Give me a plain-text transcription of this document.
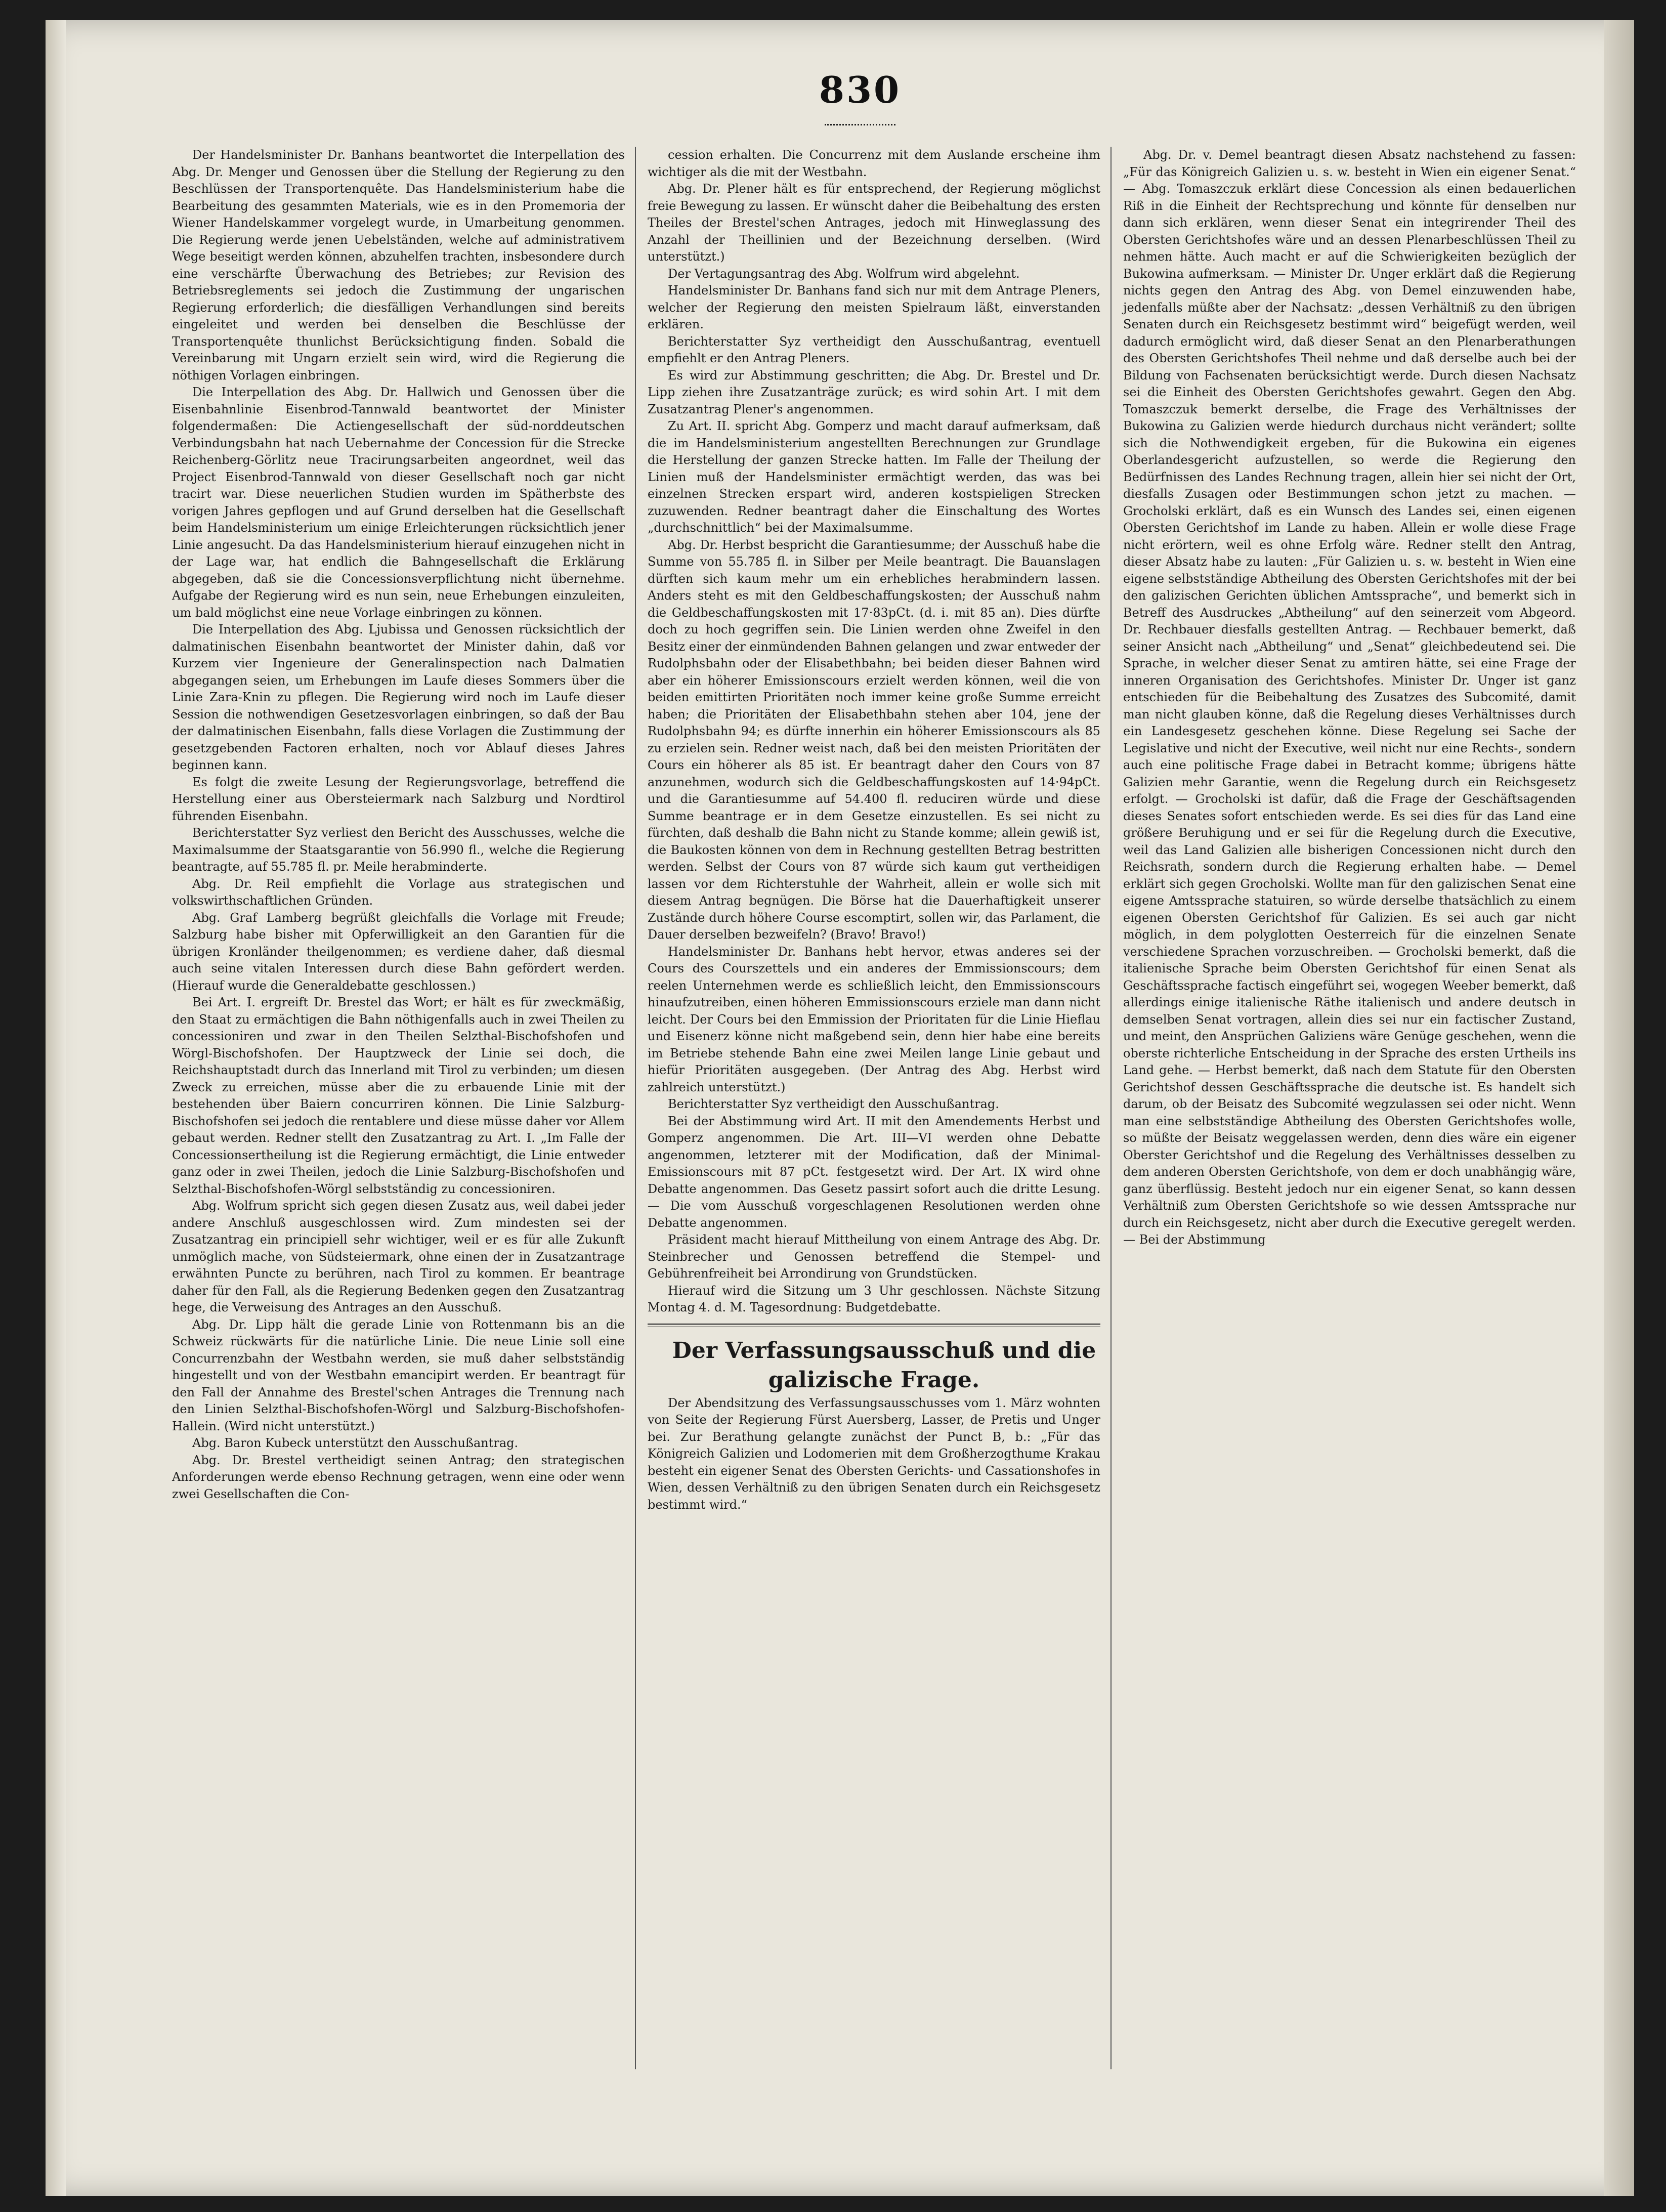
830

Der Handelsminister Dr. Banhans beantwortet die Interpellation des Abg. Dr. Menger und Genossen über die Stellung der Regierung zu den Beschlüssen der Transportenquête. Das Handelsministerium habe die Bearbeitung des gesammten Materials, wie es in den Promemoria der Wiener Handelskammer vorgelegt wurde, in Umarbeitung genommen. Die Regierung werde jenen Uebelständen, welche auf administrativem Wege beseitigt werden können, abzuhelfen trachten, insbesondere durch eine verschärfte Überwachung des Betriebes; zur Revision des Betriebsreglements sei jedoch die Zustimmung der ungarischen Regierung erforderlich; die diesfälligen Verhandlungen sind bereits eingeleitet und werden bei denselben die Beschlüsse der Transportenquête thunlichst Berücksichtigung finden. Sobald die Vereinbarung mit Ungarn erzielt sein wird, wird die Regierung die nöthigen Vorlagen einbringen.

Die Interpellation des Abg. Dr. Hallwich und Genossen über die Eisenbahnlinie Eisenbrod-Tannwald beantwortet der Minister folgendermaßen: Die Actiengesellschaft der süd-norddeutschen Verbindungsbahn hat nach Uebernahme der Concession für die Strecke Reichenberg-Görlitz neue Tracirungsarbeiten angeordnet, weil das Project Eisenbrod-Tannwald von dieser Gesellschaft noch gar nicht tracirt war. Diese neuerlichen Studien wurden im Spätherbste des vorigen Jahres gepflogen und auf Grund derselben hat die Gesellschaft beim Handelsministerium um einige Erleichterungen rücksichtlich jener Linie angesucht. Da das Handelsministerium hierauf einzugehen nicht in der Lage war, hat endlich die Bahngesellschaft die Erklärung abgegeben, daß sie die Concessionsverpflichtung nicht übernehme. Aufgabe der Regierung wird es nun sein, neue Erhebungen einzuleiten, um bald möglichst eine neue Vorlage einbringen zu können.

Die Interpellation des Abg. Ljubissa und Genossen rücksichtlich der dalmatinischen Eisenbahn beantwortet der Minister dahin, daß vor Kurzem vier Ingenieure der Generalinspection nach Dalmatien abgegangen seien, um Erhebungen im Laufe dieses Sommers über die Linie Zara-Knin zu pflegen. Die Regierung wird noch im Laufe dieser Session die nothwendigen Gesetzesvorlagen einbringen, so daß der Bau der dalmatinischen Eisenbahn, falls diese Vorlagen die Zustimmung der gesetzgebenden Factoren erhalten, noch vor Ablauf dieses Jahres beginnen kann.

Es folgt die zweite Lesung der Regierungsvorlage, betreffend die Herstellung einer aus Obersteiermark nach Salzburg und Nordtirol führenden Eisenbahn.

Berichterstatter Syz verliest den Bericht des Ausschusses, welche die Maximalsumme der Staatsgarantie von 56.990 fl., welche die Regierung beantragte, auf 55.785 fl. pr. Meile herabminderte.

Abg. Dr. Reil empfiehlt die Vorlage aus strategischen und volkswirthschaftlichen Gründen.

Abg. Graf Lamberg begrüßt gleichfalls die Vorlage mit Freude; Salzburg habe bisher mit Opferwilligkeit an den Garantien für die übrigen Kronländer theilgenommen; es verdiene daher, daß diesmal auch seine vitalen Interessen durch diese Bahn gefördert werden. (Hierauf wurde die Generaldebatte geschlossen.)

Bei Art. I. ergreift Dr. Brestel das Wort; er hält es für zweckmäßig, den Staat zu ermächtigen die Bahn nöthigenfalls auch in zwei Theilen zu concessioniren und zwar in den Theilen Selzthal-Bischofshofen und Wörgl-Bischofshofen. Der Hauptzweck der Linie sei doch, die Reichshauptstadt durch das Innerland mit Tirol zu verbinden; um diesen Zweck zu erreichen, müsse aber die zu erbauende Linie mit der bestehenden über Baiern concurriren können. Die Linie Salzburg-Bischofshofen sei jedoch die rentablere und diese müsse daher vor Allem gebaut werden. Redner stellt den Zusatzantrag zu Art. I. „Im Falle der Concessionsertheilung ist die Regierung ermächtigt, die Linie entweder ganz oder in zwei Theilen, jedoch die Linie Salzburg-Bischofshofen und Selzthal-Bischofshofen-Wörgl selbstständig zu concessioniren.

Abg. Wolfrum spricht sich gegen diesen Zusatz aus, weil dabei jeder andere Anschluß ausgeschlossen wird. Zum mindesten sei der Zusatzantrag ein principiell sehr wichtiger, weil er es für alle Zukunft unmöglich mache, von Südsteiermark, ohne einen der in Zusatzantrage erwähnten Puncte zu berühren, nach Tirol zu kommen. Er beantrage daher für den Fall, als die Regierung Bedenken gegen den Zusatzantrag hege, die Verweisung des Antrages an den Ausschuß.

Abg. Dr. Lipp hält die gerade Linie von Rottenmann bis an die Schweiz rückwärts für die natürliche Linie. Die neue Linie soll eine Concurrenzbahn der Westbahn werden, sie muß daher selbstständig hingestellt und von der Westbahn emancipirt werden. Er beantragt für den Fall der Annahme des Brestel'schen Antrages die Trennung nach den Linien Selzthal-Bischofshofen-Wörgl und Salzburg-Bischofshofen-Hallein. (Wird nicht unterstützt.)

Abg. Baron Kubeck unterstützt den Ausschußantrag.

Abg. Dr. Brestel vertheidigt seinen Antrag; den strategischen Anforderungen werde ebenso Rechnung getragen, wenn eine oder wenn zwei Gesellschaften die Con-

cession erhalten. Die Concurrenz mit dem Auslande erscheine ihm wichtiger als die mit der Westbahn.

Abg. Dr. Plener hält es für entsprechend, der Regierung möglichst freie Bewegung zu lassen. Er wünscht daher die Beibehaltung des ersten Theiles der Brestel'schen Antrages, jedoch mit Hinweglassung des Anzahl der Theillinien und der Bezeichnung derselben. (Wird unterstützt.)

Der Vertagungsantrag des Abg. Wolfrum wird abgelehnt.

Handelsminister Dr. Banhans fand sich nur mit dem Antrage Pleners, welcher der Regierung den meisten Spielraum läßt, einverstanden erklären.

Berichterstatter Syz vertheidigt den Ausschußantrag, eventuell empfiehlt er den Antrag Pleners.

Es wird zur Abstimmung geschritten; die Abg. Dr. Brestel und Dr. Lipp ziehen ihre Zusatzanträge zurück; es wird sohin Art. I mit dem Zusatzantrag Plener's angenommen.

Zu Art. II. spricht Abg. Gomperz und macht darauf aufmerksam, daß die im Handelsministerium angestellten Berechnungen zur Grundlage die Herstellung der ganzen Strecke hatten. Im Falle der Theilung der Linien muß der Handelsminister ermächtigt werden, das was bei einzelnen Strecken erspart wird, anderen kostspieligen Strecken zuzuwenden. Redner beantragt daher die Einschaltung des Wortes „durchschnittlich“ bei der Maximalsumme.

Abg. Dr. Herbst bespricht die Garantiesumme; der Ausschuß habe die Summe von 55.785 fl. in Silber per Meile beantragt. Die Bauanslagen dürften sich kaum mehr um ein erhebliches herabmindern lassen. Anders steht es mit den Geldbeschaffungskosten; der Ausschuß nahm die Geldbeschaffungskosten mit 17·83pCt. (d. i. mit 85 an). Dies dürfte doch zu hoch gegriffen sein. Die Linien werden ohne Zweifel in den Besitz einer der einmündenden Bahnen gelangen und zwar entweder der Rudolphsbahn oder der Elisabethbahn; bei beiden dieser Bahnen wird aber ein höherer Emissionscours erzielt werden können, weil die von beiden emittirten Prioritäten noch immer keine große Summe erreicht haben; die Prioritäten der Elisabethbahn stehen aber 104, jene der Rudolphsbahn 94; es dürfte innerhin ein höherer Emissionscours als 85 zu erzielen sein. Redner weist nach, daß bei den meisten Prioritäten der Cours ein höherer als 85 ist. Er beantragt daher den Cours von 87 anzunehmen, wodurch sich die Geldbeschaffungskosten auf 14·94pCt. und die Garantiesumme auf 54.400 fl. reduciren würde und diese Summe beantrage er in dem Gesetze einzustellen. Es sei nicht zu fürchten, daß deshalb die Bahn nicht zu Stande komme; allein gewiß ist, die Baukosten können von dem in Rechnung gestellten Betrag bestritten werden. Selbst der Cours von 87 würde sich kaum gut vertheidigen lassen vor dem Richterstuhle der Wahrheit, allein er wolle sich mit diesem Antrag begnügen. Die Börse hat die Dauerhaftigkeit unserer Zustände durch höhere Course escomptirt, sollen wir, das Parlament, die Dauer derselben bezweifeln? (Bravo! Bravo!)

Handelsminister Dr. Banhans hebt hervor, etwas anderes sei der Cours des Courszettels und ein anderes der Emmissionscours; dem reelen Unternehmen werde es schließlich leicht, den Emmissionscours hinaufzutreiben, einen höheren Emmissionscours erziele man dann nicht leicht. Der Cours bei den Emmission der Prioritaten für die Linie Hieflau und Eisenerz könne nicht maßgebend sein, denn hier habe eine bereits im Betriebe stehende Bahn eine zwei Meilen lange Linie gebaut und hiefür Prioritäten ausgegeben. (Der Antrag des Abg. Herbst wird zahlreich unterstützt.)

Berichterstatter Syz vertheidigt den Ausschußantrag.

Bei der Abstimmung wird Art. II mit den Amendements Herbst und Gomperz angenommen. Die Art. III—VI werden ohne Debatte angenommen, letzterer mit der Modification, daß der Minimal-Emissionscours mit 87 pCt. festgesetzt wird. Der Art. IX wird ohne Debatte angenommen. Das Gesetz passirt sofort auch die dritte Lesung. — Die vom Ausschuß vorgeschlagenen Resolutionen werden ohne Debatte angenommen.

Präsident macht hierauf Mittheilung von einem Antrage des Abg. Dr. Steinbrecher und Genossen betreffend die Stempel- und Gebührenfreiheit bei Arrondirung von Grundstücken.

Hierauf wird die Sitzung um 3 Uhr geschlossen. Nächste Sitzung Montag 4. d. M. Tagesordnung: Budgetdebatte.

Der Verfassungsausschuß und die galizische Frage.

Der Abendsitzung des Verfassungsausschusses vom 1. März wohnten von Seite der Regierung Fürst Auersberg, Lasser, de Pretis und Unger bei. Zur Berathung gelangte zunächst der Punct B, b.: „Für das Königreich Galizien und Lodomerien mit dem Großherzogthume Krakau besteht ein eigener Senat des Obersten Gerichts- und Cassationshofes in Wien, dessen Verhältniß zu den übrigen Senaten durch ein Reichsgesetz bestimmt wird.“

Abg. Dr. v. Demel beantragt diesen Absatz nachstehend zu fassen: „Für das Königreich Galizien u. s. w. besteht in Wien ein eigener Senat.“ — Abg. Tomaszczuk erklärt diese Concession als einen bedauerlichen Riß in die Einheit der Rechtsprechung und könnte für denselben nur dann sich erklären, wenn dieser Senat ein integrirender Theil des Obersten Gerichtshofes wäre und an dessen Plenarbeschlüssen Theil zu nehmen hätte. Auch macht er auf die Schwierigkeiten bezüglich der Bukowina aufmerksam. — Minister Dr. Unger erklärt daß die Regierung nichts gegen den Antrag des Abg. von Demel einzuwenden habe, jedenfalls müßte aber der Nachsatz: „dessen Verhältniß zu den übrigen Senaten durch ein Reichsgesetz bestimmt wird“ beigefügt werden, weil dadurch ermöglicht wird, daß dieser Senat an den Plenarberathungen des Obersten Gerichtshofes Theil nehme und daß derselbe auch bei der Bildung von Fachsenaten berücksichtigt werde. Durch diesen Nachsatz sei die Einheit des Obersten Gerichtshofes gewahrt. Gegen den Abg. Tomaszczuk bemerkt derselbe, die Frage des Verhältnisses der Bukowina zu Galizien werde hiedurch durchaus nicht verändert; sollte sich die Nothwendigkeit ergeben, für die Bukowina ein eigenes Oberlandesgericht aufzustellen, so werde die Regierung den Bedürfnissen des Landes Rechnung tragen, allein hier sei nicht der Ort, diesfalls Zusagen oder Bestimmungen schon jetzt zu machen. — Grocholski erklärt, daß es ein Wunsch des Landes sei, einen eigenen Obersten Gerichtshof im Lande zu haben. Allein er wolle diese Frage nicht erörtern, weil es ohne Erfolg wäre. Redner stellt den Antrag, dieser Absatz habe zu lauten: „Für Galizien u. s. w. besteht in Wien eine eigene selbstständige Abtheilung des Obersten Gerichtshofes mit der bei den galizischen Gerichten üblichen Amtssprache“, und bemerkt sich in Betreff des Ausdruckes „Abtheilung“ auf den seinerzeit vom Abgeord. Dr. Rechbauer diesfalls gestellten Antrag. — Rechbauer bemerkt, daß seiner Ansicht nach „Abtheilung“ und „Senat“ gleichbedeutend sei. Die Sprache, in welcher dieser Senat zu amtiren hätte, sei eine Frage der inneren Organisation des Gerichtshofes. Minister Dr. Unger ist ganz entschieden für die Beibehaltung des Zusatzes des Subcomité, damit man nicht glauben könne, daß die Regelung dieses Verhältnisses durch ein Landesgesetz geschehen könne. Diese Regelung sei Sache der Legislative und nicht der Executive, weil nicht nur eine Rechts-, sondern auch eine politische Frage dabei in Betracht komme; übrigens hätte Galizien mehr Garantie, wenn die Regelung durch ein Reichsgesetz erfolgt. — Grocholski ist dafür, daß die Frage der Geschäftsagenden dieses Senates sofort entschieden werde. Es sei dies für das Land eine größere Beruhigung und er sei für die Regelung durch die Executive, weil das Land Galizien alle bisherigen Concessionen nicht durch den Reichsrath, sondern durch die Regierung erhalten habe. — Demel erklärt sich gegen Grocholski. Wollte man für den galizischen Senat eine eigene Amtssprache statuiren, so würde derselbe thatsächlich zu einem eigenen Obersten Gerichtshof für Galizien. Es sei auch gar nicht möglich, in dem polyglotten Oesterreich für die einzelnen Senate verschiedene Sprachen vorzuschreiben. — Grocholski bemerkt, daß die italienische Sprache beim Obersten Gerichtshof für einen Senat als Geschäftssprache factisch eingeführt sei, wogegen Weeber bemerkt, daß allerdings einige italienische Räthe italienisch und andere deutsch in demselben Senat vortragen, allein dies sei nur ein factischer Zustand, und meint, den Ansprüchen Galiziens wäre Genüge geschehen, wenn die oberste richterliche Entscheidung in der Sprache des ersten Urtheils ins Land gehe. — Herbst bemerkt, daß nach dem Statute für den Obersten Gerichtshof dessen Geschäftssprache die deutsche ist. Es handelt sich darum, ob der Beisatz des Subcomité wegzulassen sei oder nicht. Wenn man eine selbstständige Abtheilung des Obersten Gerichtshofes wolle, so müßte der Beisatz weggelassen werden, denn dies wäre ein eigener Oberster Gerichtshof und die Regelung des Verhältnisses desselben zu dem anderen Obersten Gerichtshofe, von dem er doch unabhängig wäre, ganz überflüssig. Besteht jedoch nur ein eigener Senat, so kann dessen Verhältniß zum Obersten Gerichtshofe so wie dessen Amtssprache nur durch ein Reichsgesetz, nicht aber durch die Executive geregelt werden. — Bei der Abstimmung
